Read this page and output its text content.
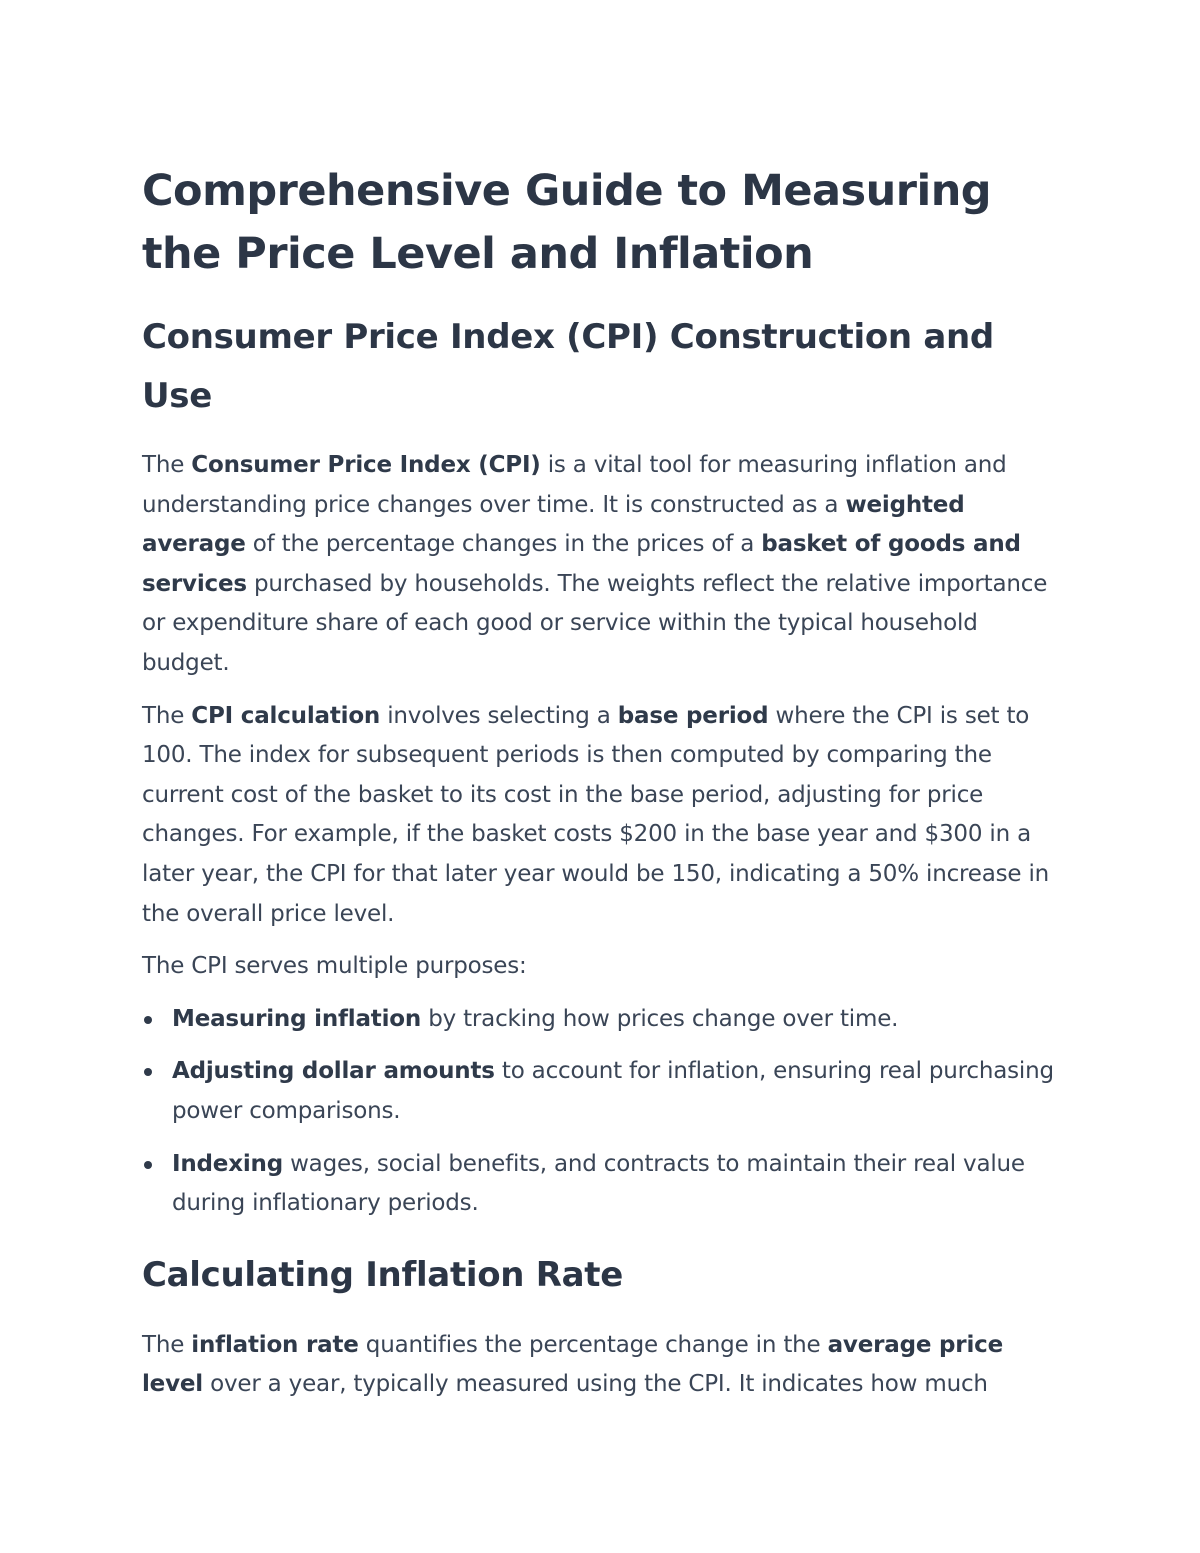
Comprehensive Guide to Measuring the Price Level and Inflation
Consumer Price Index (CPI) Construction and Use

The Consumer Price Index (CPI) is a vital tool for measuring inflation and understanding price changes over time. It is constructed as a weighted average of the percentage changes in the prices of a basket of goods and services purchased by households. The weights reflect the relative importance or expenditure share of each good or service within the typical household budget.

The CPI calculation involves selecting a base period where the CPI is set to 100. The index for subsequent periods is then computed by comparing the current cost of the basket to its cost in the base period, adjusting for price changes. For example, if the basket costs $200 in the base year and $300 in a later year, the CPI for that later year would be 150, indicating a 50% increase in the overall price level.

The CPI serves multiple purposes:

Measuring inflation by tracking how prices change over time.
Adjusting dollar amounts to account for inflation, ensuring real purchasing power comparisons.
Indexing wages, social benefits, and contracts to maintain their real value during inflationary periods.
Calculating Inflation Rate

The inflation rate quantifies the percentage change in the average price level over a year, typically measured using the CPI. It indicates how much
